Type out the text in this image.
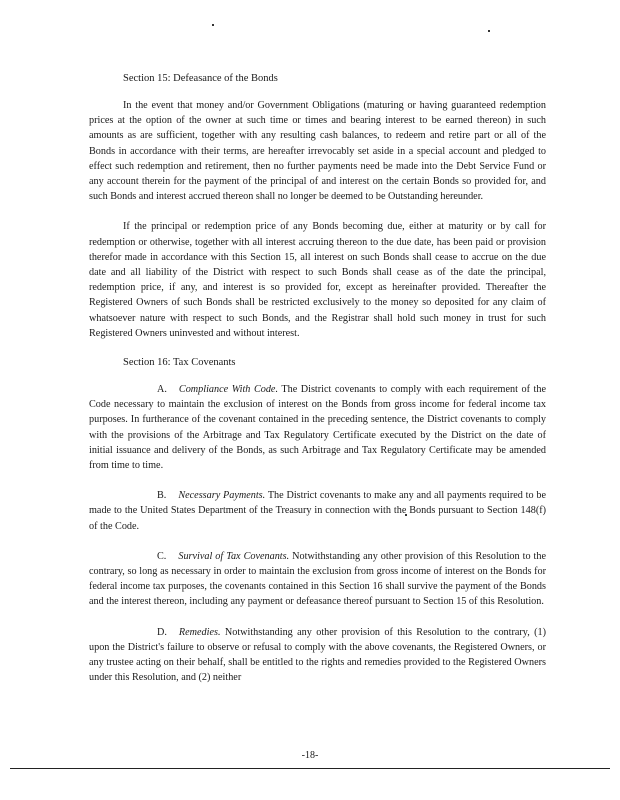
Section 15: Defeasance of the Bonds

In the event that money and/or Government Obligations (maturing or having guaranteed redemption prices at the option of the owner at such time or times and bearing interest to be earned thereon) in such amounts as are sufficient, together with any resulting cash balances, to redeem and retire part or all of the Bonds in accordance with their terms, are hereafter irrevocably set aside in a special account and pledged to effect such redemption and retirement, then no further payments need be made into the Debt Service Fund or any account therein for the payment of the principal of and interest on the certain Bonds so provided for, and such Bonds and interest accrued thereon shall no longer be deemed to be Outstanding hereunder.

If the principal or redemption price of any Bonds becoming due, either at maturity or by call for redemption or otherwise, together with all interest accruing thereon to the due date, has been paid or provision therefor made in accordance with this Section 15, all interest on such Bonds shall cease to accrue on the due date and all liability of the District with respect to such Bonds shall cease as of the date the principal, redemption price, if any, and interest is so provided for, except as hereinafter provided. Thereafter the Registered Owners of such Bonds shall be restricted exclusively to the money so deposited for any claim of whatsoever nature with respect to such Bonds, and the Registrar shall hold such money in trust for such Registered Owners uninvested and without interest.

Section 16: Tax Covenants

A. Compliance With Code. The District covenants to comply with each requirement of the Code necessary to maintain the exclusion of interest on the Bonds from gross income for federal income tax purposes. In furtherance of the covenant contained in the preceding sentence, the District covenants to comply with the provisions of the Arbitrage and Tax Regulatory Certificate executed by the District on the date of initial issuance and delivery of the Bonds, as such Arbitrage and Tax Regulatory Certificate may be amended from time to time.

B. Necessary Payments. The District covenants to make any and all payments required to be made to the United States Department of the Treasury in connection with the Bonds pursuant to Section 148(f) of the Code.

C. Survival of Tax Covenants. Notwithstanding any other provision of this Resolution to the contrary, so long as necessary in order to maintain the exclusion from gross income of interest on the Bonds for federal income tax purposes, the covenants contained in this Section 16 shall survive the payment of the Bonds and the interest thereon, including any payment or defeasance thereof pursuant to Section 15 of this Resolution.

D. Remedies. Notwithstanding any other provision of this Resolution to the contrary, (1) upon the District's failure to observe or refusal to comply with the above covenants, the Registered Owners, or any trustee acting on their behalf, shall be entitled to the rights and remedies provided to the Registered Owners under this Resolution, and (2) neither

-18-
